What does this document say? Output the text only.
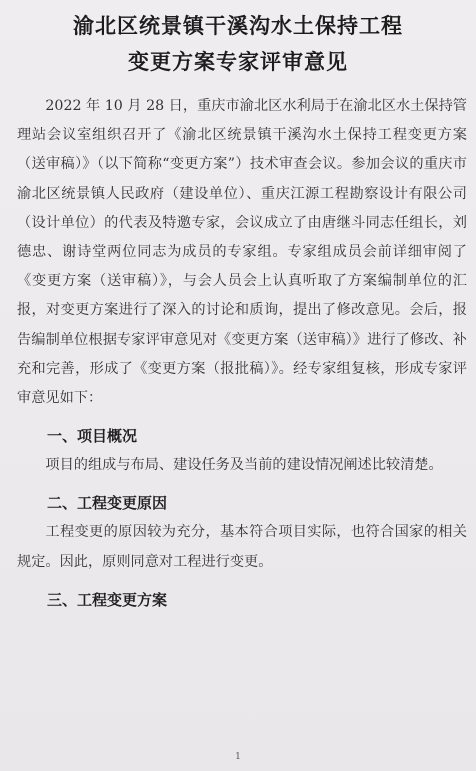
渝北区统景镇干溪沟水土保持工程
变更方案专家评审意见

2022 年 10 月 28 日，重庆市渝北区水利局于在渝北区水土保持管理站会议室组织召开了《渝北区统景镇干溪沟水土保持工程变更方案（送审稿）》（以下简称“变更方案”）技术审查会议。参加会议的重庆市渝北区统景镇人民政府（建设单位）、重庆江源工程勘察设计有限公司（设计单位）的代表及特邀专家，会议成立了由唐继斗同志任组长，刘德忠、谢诗堂两位同志为成员的专家组。专家组成员会前详细审阅了《变更方案（送审稿）》，与会人员会上认真听取了方案编制单位的汇报，对变更方案进行了深入的讨论和质询，提出了修改意见。会后，报告编制单位根据专家评审意见对《变更方案（送审稿）》进行了修改、补充和完善，形成了《变更方案（报批稿）》。经专家组复核，形成专家评审意见如下：

一、项目概况

项目的组成与布局、建设任务及当前的建设情况阐述比较清楚。

二、工程变更原因

工程变更的原因较为充分，基本符合项目实际，也符合国家的相关规定。因此，原则同意对工程进行变更。

三、工程变更方案
1
